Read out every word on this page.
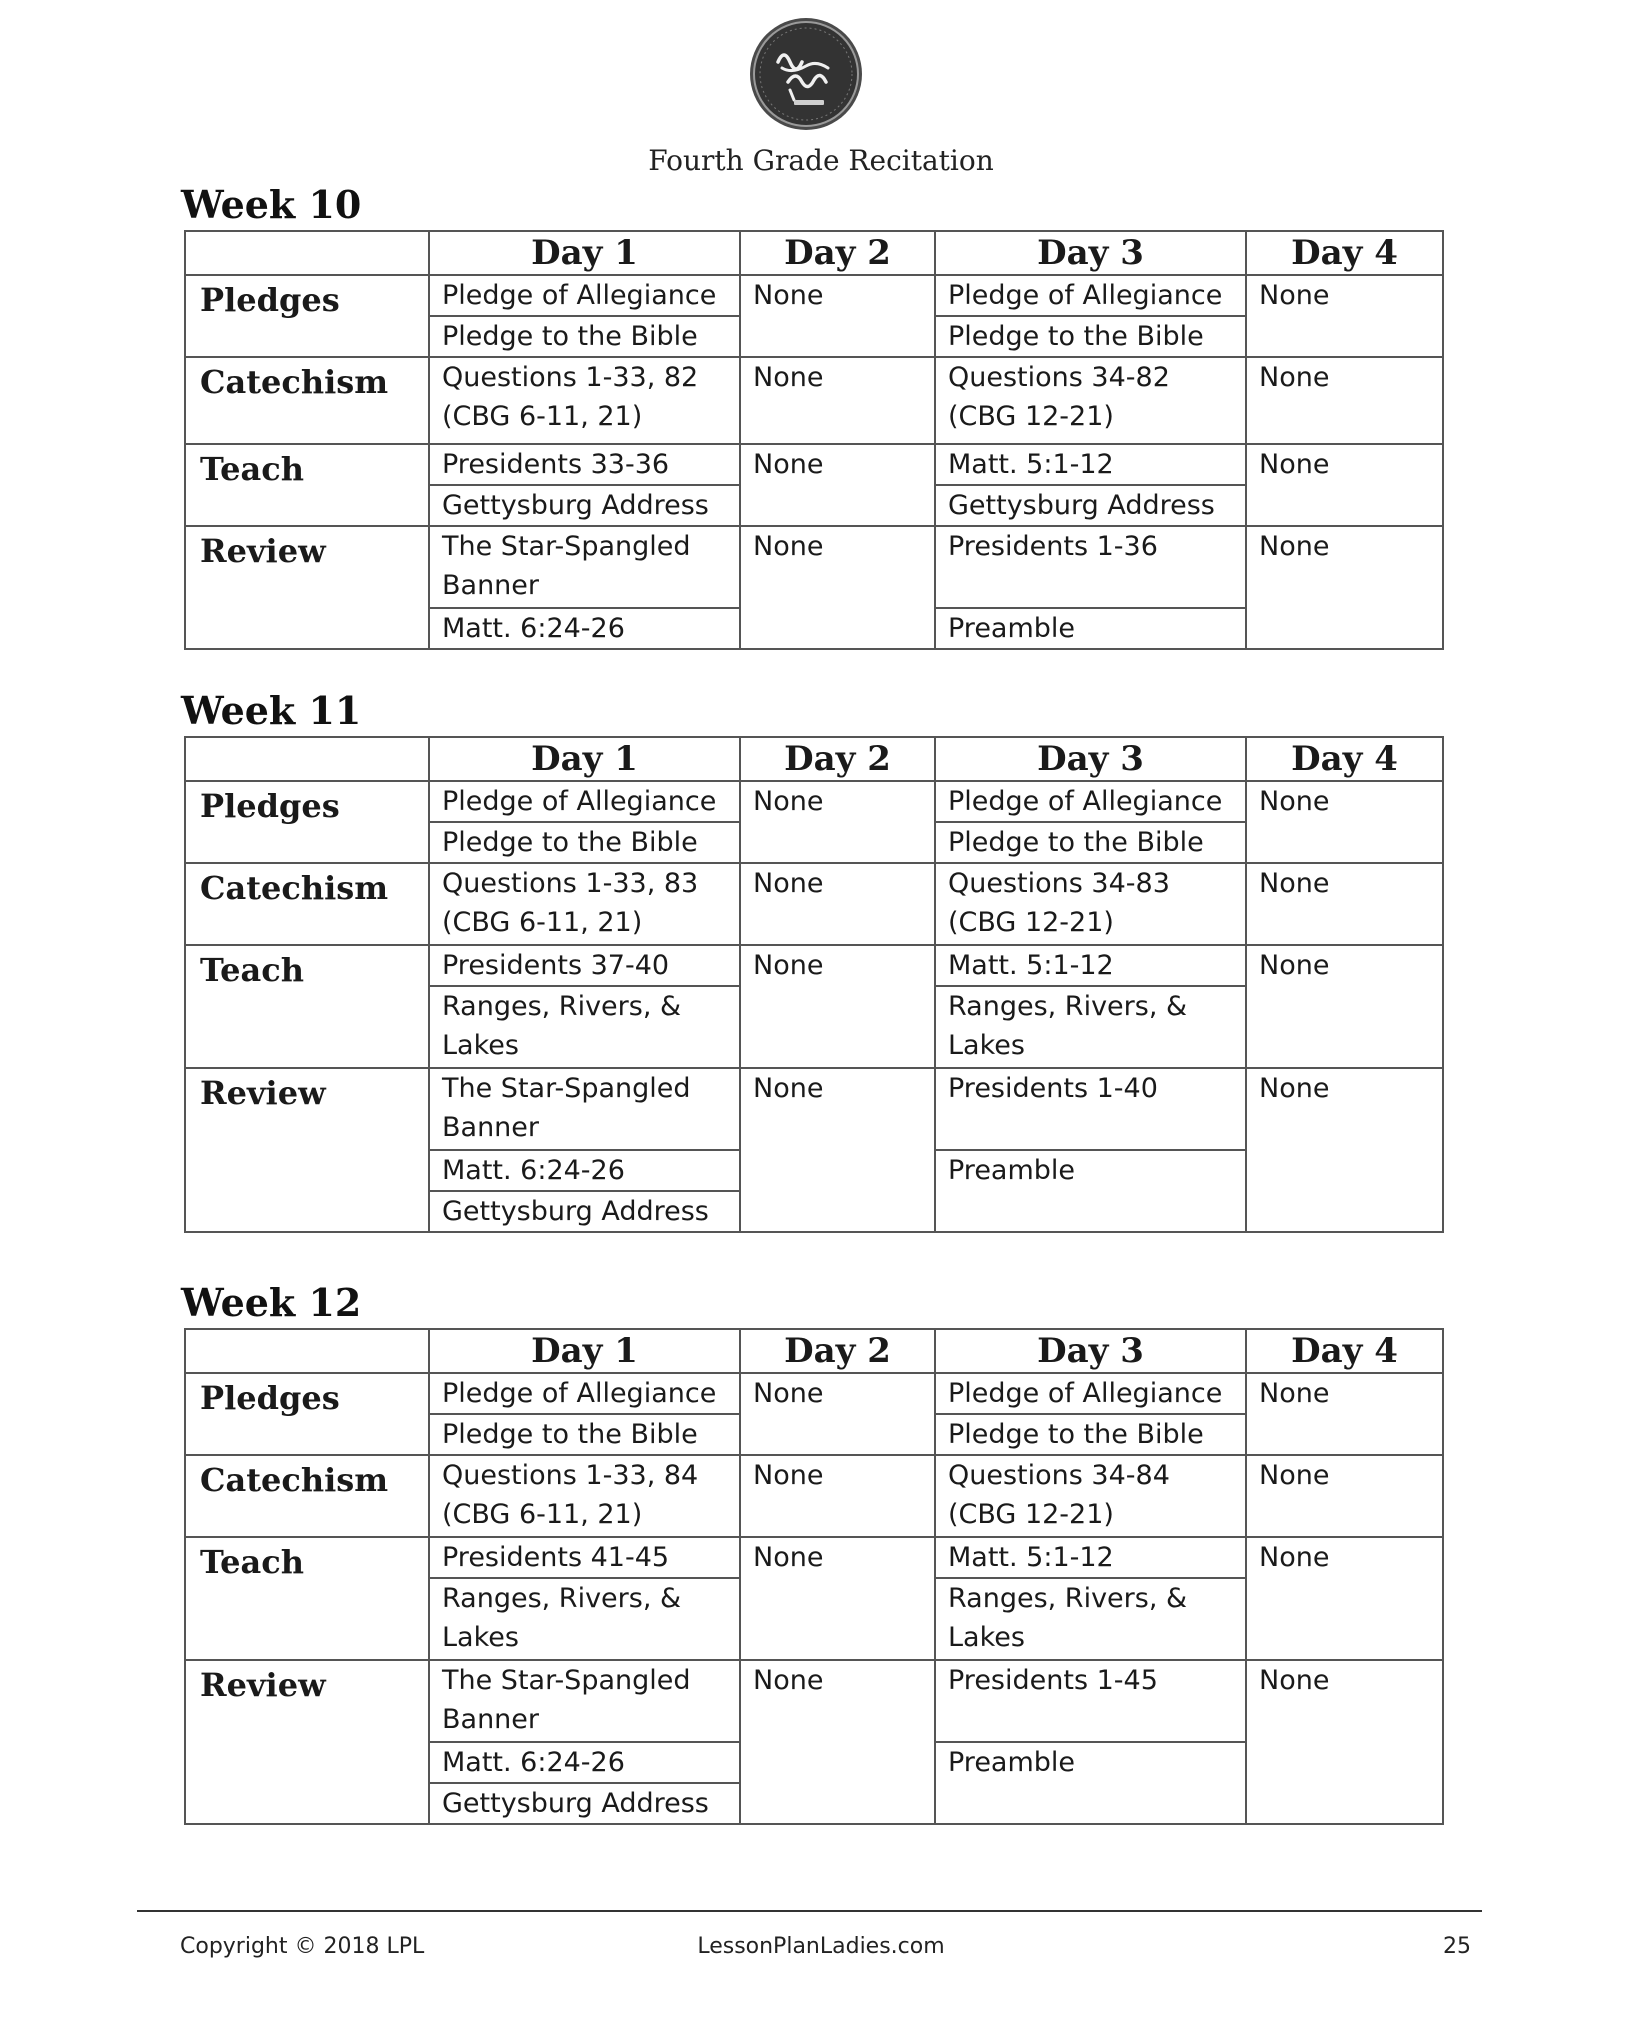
Fourth Grade Recitation
Week 10
	Day 1	Day 2	Day 3	Day 4
Pledges	Pledge of Allegiance	None	Pledge of Allegiance	None
	Pledge to the Bible		Pledge to the Bible	
Catechism	Questions 1-33, 82 (CBG 6-11, 21)	None	Questions 34-82 (CBG 12-21)	None
Teach	Presidents 33-36	None	Matt. 5:1-12	None
	Gettysburg Address		Gettysburg Address	
Review	The Star-Spangled Banner	None	Presidents 1-36	None
	Matt. 6:24-26		Preamble	
Week 11
	Day 1	Day 2	Day 3	Day 4
Pledges	Pledge of Allegiance	None	Pledge of Allegiance	None
	Pledge to the Bible		Pledge to the Bible	
Catechism	Questions 1-33, 83 (CBG 6-11, 21)	None	Questions 34-83 (CBG 12-21)	None
Teach	Presidents 37-40	None	Matt. 5:1-12	None
	Ranges, Rivers, & Lakes		Ranges, Rivers, & Lakes	
Review	The Star-Spangled Banner	None	Presidents 1-40	None
	Matt. 6:24-26		Preamble	
	Gettysburg Address			
Week 12
	Day 1	Day 2	Day 3	Day 4
Pledges	Pledge of Allegiance	None	Pledge of Allegiance	None
	Pledge to the Bible		Pledge to the Bible	
Catechism	Questions 1-33, 84 (CBG 6-11, 21)	None	Questions 34-84 (CBG 12-21)	None
Teach	Presidents 41-45	None	Matt. 5:1-12	None
	Ranges, Rivers, & Lakes		Ranges, Rivers, & Lakes	
Review	The Star-Spangled Banner	None	Presidents 1-45	None
	Matt. 6:24-26		Preamble	
	Gettysburg Address			
Copyright © 2018 LPL	LessonPlanLadies.com	25
